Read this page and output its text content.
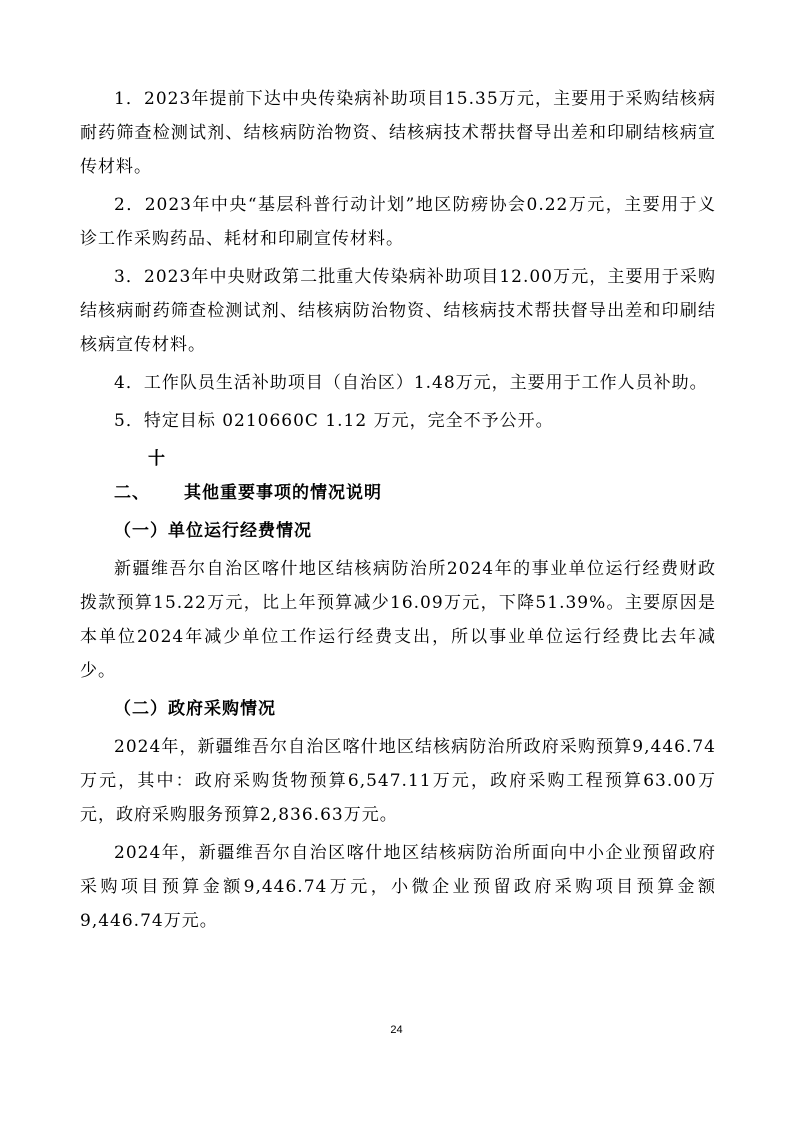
1．2023年提前下达中央传染病补助项目15.35万元，主要用于采购结核病耐药筛查检测试剂、结核病防治物资、结核病技术帮扶督导出差和印刷结核病宣传材料。

2．2023年中央“基层科普行动计划”地区防痨协会0.22万元，主要用于义诊工作采购药品、耗材和印刷宣传材料。

3．2023年中央财政第二批重大传染病补助项目12.00万元，主要用于采购结核病耐药筛查检测试剂、结核病防治物资、结核病技术帮扶督导出差和印刷结核病宣传材料。

4．工作队员生活补助项目（自治区）1.48万元，主要用于工作人员补助。

5．特定目标 0210660C 1.12 万元，完全不予公开。

十二、 其他重要事项的情况说明
（一）单位运行经费情况

新疆维吾尔自治区喀什地区结核病防治所2024年的事业单位运行经费财政拨款预算15.22万元，比上年预算减少16.09万元，下降51.39%。主要原因是本单位2024年减少单位工作运行经费支出，所以事业单位运行经费比去年减少。

（二）政府采购情况

2024年，新疆维吾尔自治区喀什地区结核病防治所政府采购预算9,446.74万元，其中：政府采购货物预算6,547.11万元，政府采购工程预算63.00万元，政府采购服务预算2,836.63万元。

2024年，新疆维吾尔自治区喀什地区结核病防治所面向中小企业预留政府采购项目预算金额9,446.74万元，小微企业预留政府采购项目预算金额9,446.74万元。

24
